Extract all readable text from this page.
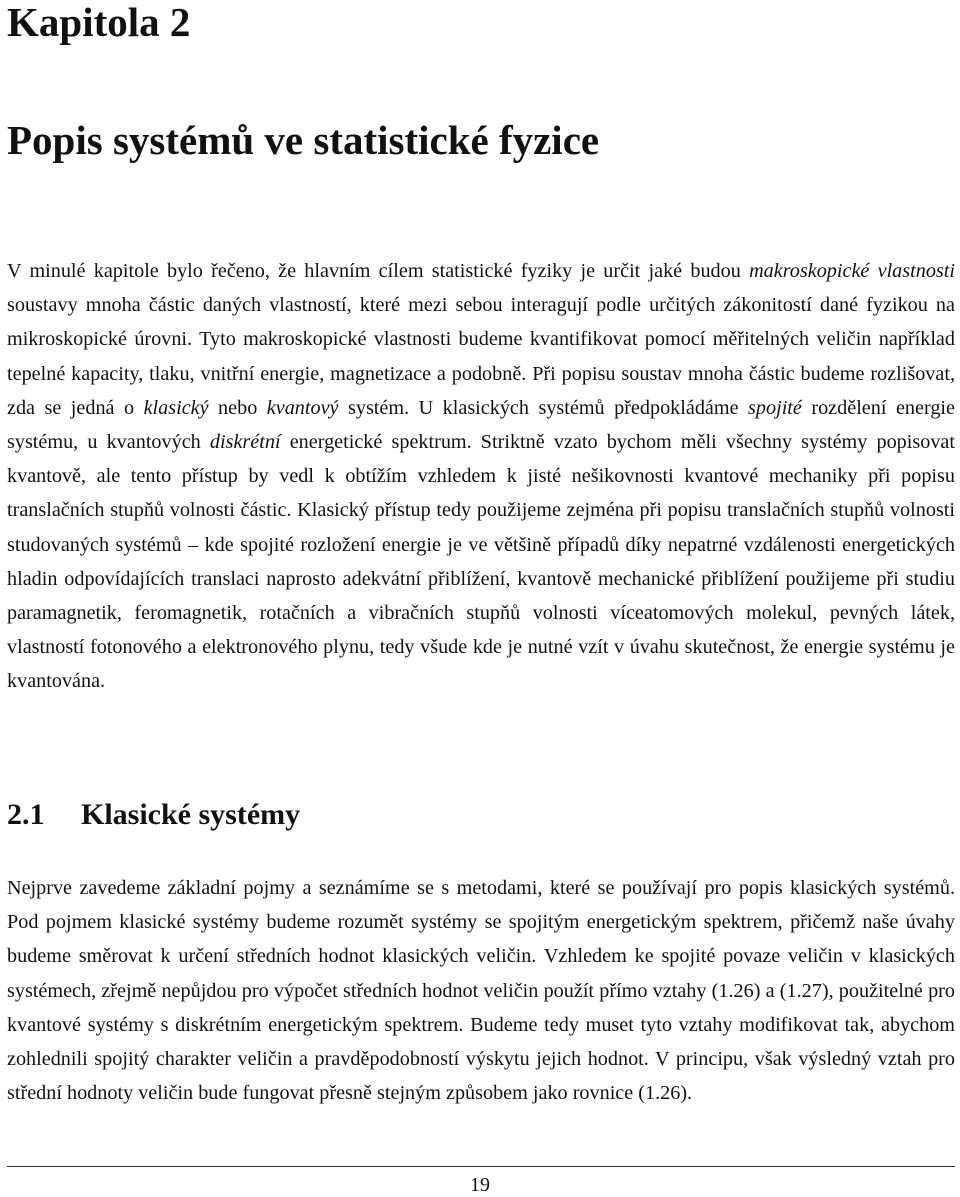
Kapitola 2
Popis systémů ve statistické fyzice

V minulé kapitole bylo řečeno, že hlavním cílem statistické fyziky je určit jaké budou makroskopické vlastnosti soustavy mnoha částic daných vlastností, které mezi sebou interagují podle určitých zákonitostí dané fyzikou na mikroskopické úrovni. Tyto makroskopické vlastnosti budeme kvantifikovat pomocí měřitelných veličin například tepelné kapacity, tlaku, vnitřní energie, magnetizace a podobně. Při popisu soustav mnoha částic budeme rozlišovat, zda se jedná o klasický nebo kvantový systém. U klasických systémů předpokládáme spojité rozdělení energie systému, u kvantových diskrétní energetické spektrum. Striktně vzato bychom měli všechny systémy popisovat kvantově, ale tento přístup by vedl k obtížím vzhledem k jisté nešikovnosti kvantové mechaniky při popisu translačních stupňů volnosti částic. Klasický přístup tedy použijeme zejména při popisu translačních stupňů volnosti studovaných systémů – kde spojité rozložení energie je ve většině případů díky nepatrné vzdálenosti energetických hladin odpovídajících translaci naprosto adekvátní přiblížení, kvantově mechanické přiblížení použijeme při studiu paramagnetik, feromagnetik, rotačních a vibračních stupňů volnosti víceatomových molekul, pevných látek, vlastností fotonového a elektronového plynu, tedy všude kde je nutné vzít v úvahu skutečnost, že energie systému je kvantována.

2.1 Klasické systémy

Nejprve zavedeme základní pojmy a seznámíme se s metodami, které se používají pro popis klasických systémů. Pod pojmem klasické systémy budeme rozumět systémy se spojitým energetickým spektrem, přičemž naše úvahy budeme směrovat k určení středních hodnot klasických veličin. Vzhledem ke spojité povaze veličin v klasických systémech, zřejmě nepůjdou pro výpočet středních hodnot veličin použít přímo vztahy (1.26) a (1.27), použitelné pro kvantové systémy s diskrétním energetickým spektrem. Budeme tedy muset tyto vztahy modifikovat tak, abychom zohlednili spojitý charakter veličin a pravděpodobností výskytu jejich hodnot. V principu, však výsledný vztah pro střední hodnoty veličin bude fungovat přesně stejným způsobem jako rovnice (1.26).

19
